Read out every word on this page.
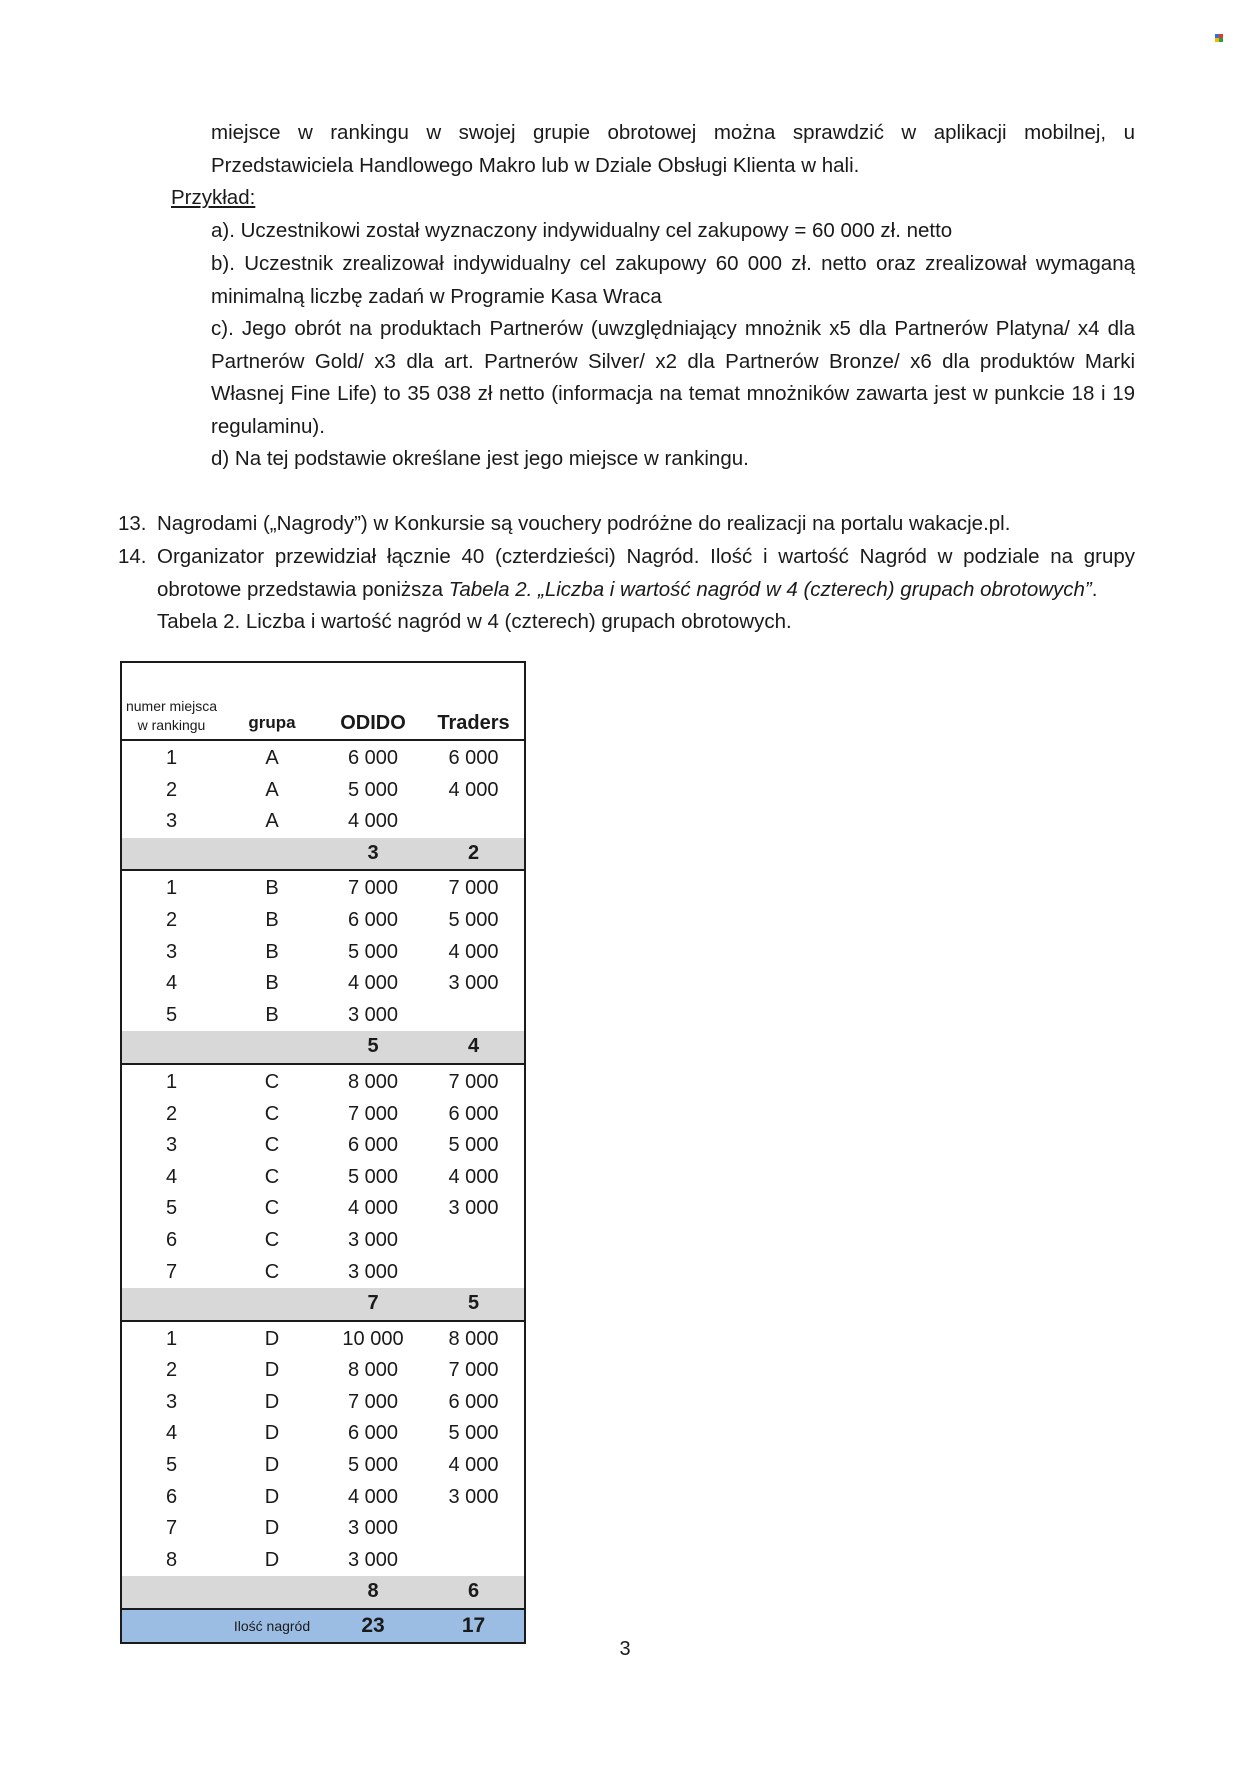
miejsce w rankingu w swojej grupie obrotowej można sprawdzić w aplikacji mobilnej, u Przedstawiciela Handlowego Makro lub w Dziale Obsługi Klienta w hali.

Przykład:

a). Uczestnikowi został wyznaczony indywidualny cel zakupowy = 60 000 zł. netto

b). Uczestnik zrealizował indywidualny cel zakupowy 60 000 zł. netto oraz zrealizował wymaganą minimalną liczbę zadań w Programie Kasa Wraca

c). Jego obrót na produktach Partnerów (uwzględniający mnożnik x5 dla Partnerów Platyna/ x4 dla Partnerów Gold/ x3 dla art. Partnerów Silver/ x2 dla Partnerów Bronze/ x6 dla produktów Marki Własnej Fine Life) to 35 038 zł netto (informacja na temat mnożników zawarta jest w punkcie 18 i 19 regulaminu).

d) Na tej podstawie określane jest jego miejsce w rankingu.

13. Nagrodami („Nagrody”) w Konkursie są vouchery podróżne do realizacji na portalu wakacje.pl.

14. Organizator przewidział łącznie 40 (czterdzieści) Nagród. Ilość i wartość Nagród w podziale na grupy obrotowe przedstawia poniższa Tabela 2. „Liczba i wartość nagród w 4 (czterech) grupach obrotowych”.

Tabela 2. Liczba i wartość nagród w 4 (czterech) grupach obrotowych.

numer miejsca w rankingu	grupa	ODIDO	Traders
1	A	6 000	6 000
2	A	5 000	4 000
3	A	4 000	
		3	2
1	B	7 000	7 000
2	B	6 000	5 000
3	B	5 000	4 000
4	B	4 000	3 000
5	B	3 000	
		5	4
1	C	8 000	7 000
2	C	7 000	6 000
3	C	6 000	5 000
4	C	5 000	4 000
5	C	4 000	3 000
6	C	3 000	
7	C	3 000	
		7	5
1	D	10 000	8 000
2	D	8 000	7 000
3	D	7 000	6 000
4	D	6 000	5 000
5	D	5 000	4 000
6	D	4 000	3 000
7	D	3 000	
8	D	3 000	
		8	6
	Ilość nagród	23	17
3
